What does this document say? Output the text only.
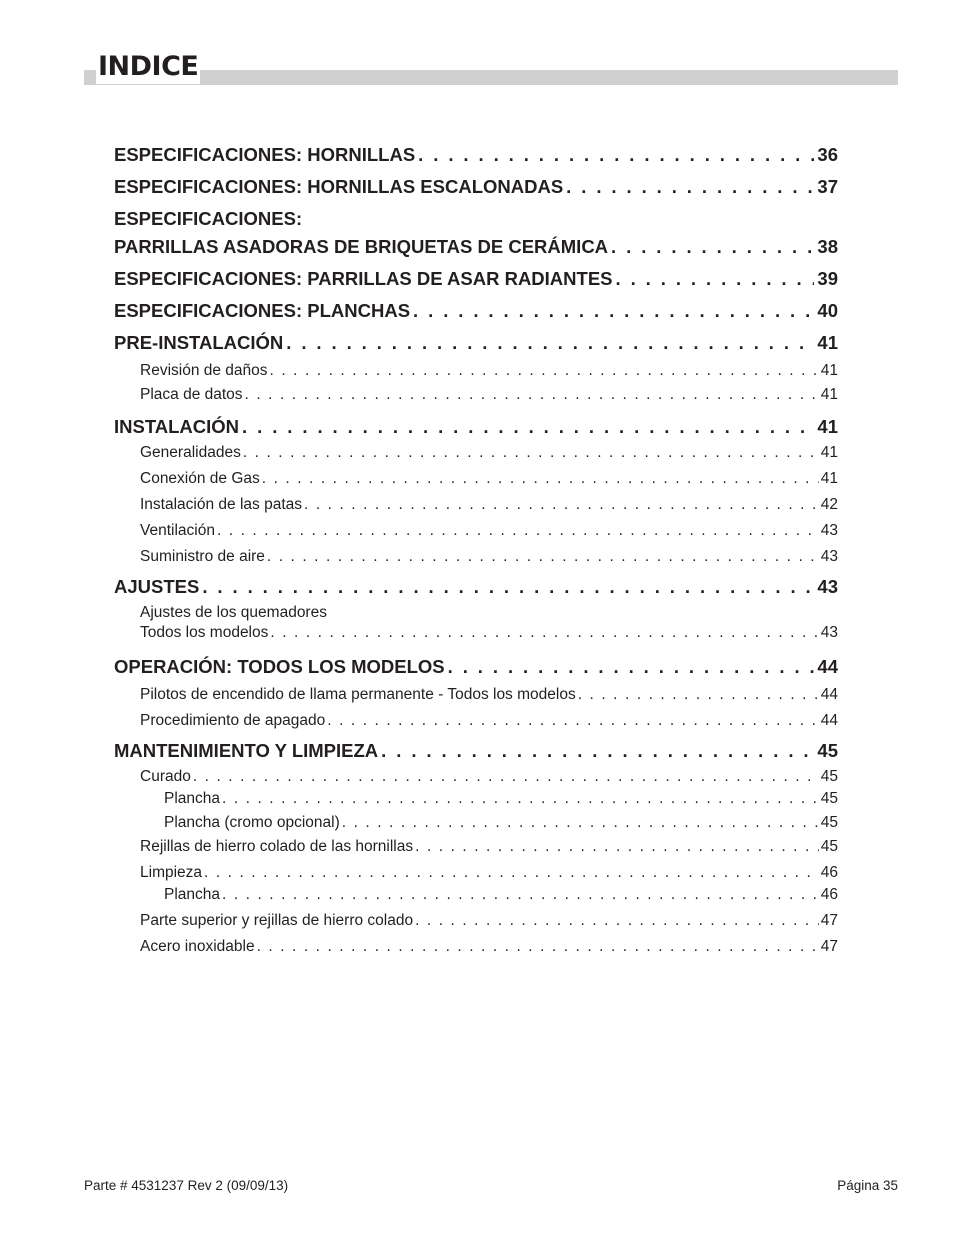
INDICE
ESPECIFICACIONES: HORNILLAS . . .	36
ESPECIFICACIONES: HORNILLAS ESCALONADAS . . .	37
ESPECIFICACIONES:
PARRILLAS ASADORAS DE BRIQUETAS DE CERÁMICA . . .	38
ESPECIFICACIONES: PARRILLAS DE ASAR RADIANTES . . .	39
ESPECIFICACIONES: PLANCHAS . . .	40
PRE-INSTALACIÓN . . .	41
Revisión de daños . . .	41
Placa de datos . . .	41
INSTALACIÓN . . .	41
Generalidades . . .	41
Conexión de Gas . . .	41
Instalación de las patas . . .	42
Ventilación . . .	43
Suministro de aire . . .	43
AJUSTES . . .	43
Ajustes de los quemadores
Todos los modelos . . .	43
OPERACIÓN: TODOS LOS MODELOS . . .	44
Pilotos de encendido de llama permanente - Todos los modelos . . .	44
Procedimiento de apagado . . .	44
MANTENIMIENTO Y LIMPIEZA . . .	45
Curado . . .	45
Plancha . . .	45
Plancha (cromo opcional) . . .	45
Rejillas de hierro colado de las hornillas . . .	45
Limpieza . . .	46
Plancha . . .	46
Parte superior y rejillas de hierro colado . . .	47
Acero inoxidable . . .	47
Parte # 4531237 Rev 2 (09/09/13)	Página 35
